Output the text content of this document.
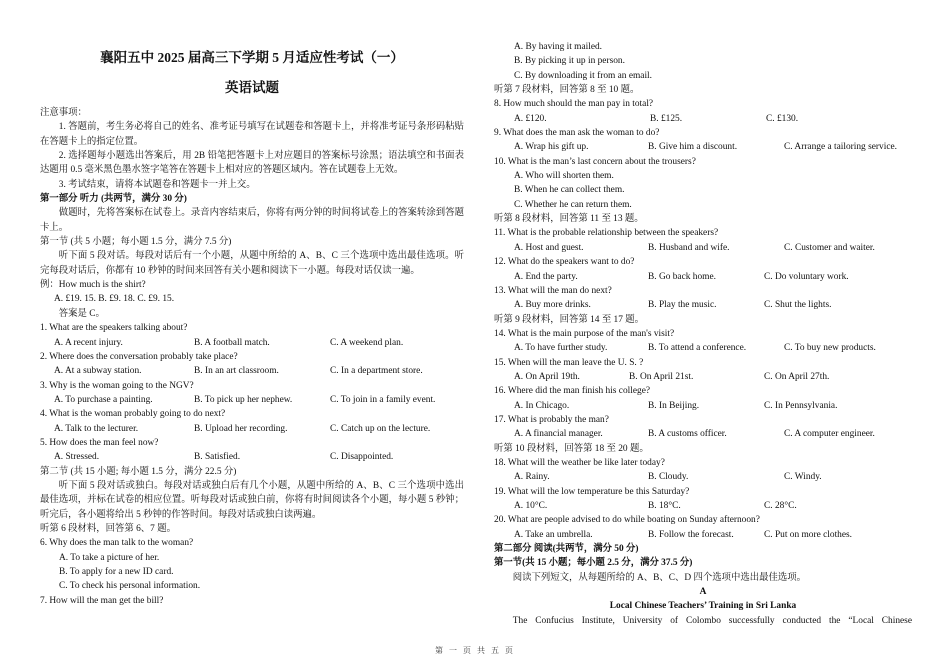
襄阳五中 2025 届高三下学期 5 月适应性考试（一）
英语试题
注意事项：
1. 答题前，考生务必将自己的姓名、准考证号填写在试题卷和答题卡上，并将准考证号条形码粘贴在答题卡上的指定位置。
2. 选择题每小题选出答案后，用 2B 铅笔把答题卡上对应题目的答案标号涂黑；语法填空和书面表达题用 0.5 毫米黑色墨水签字笔答在答题卡上相对应的答题区域内。答在试题卷上无效。
3. 考试结束，请将本试题卷和答题卡一并上交。
第一部分 听力 (共两节，满分 30 分)
做题时，先将答案标在试卷上。录音内容结束后，你将有两分钟的时间将试卷上的答案转涂到答题卡上。
第一节 (共 5 小题；每小题 1.5 分，满分 7.5 分)
听下面 5 段对话。每段对话后有一个小题，从题中所给的 A、B、C 三个选项中选出最佳选项。听完每段对话后，你都有 10 秒钟的时间来回答有关小题和阅读下一小题。每段对话仅读一遍。
例：How much is the shirt?
A. £19. 15. B. £9. 18. C. £9. 15.
答案是 C。
1. What are the speakers talking about?
A. A recent injury.	B. A football match.	C. A weekend plan.
2. Where does the conversation probably take place?
A. At a subway station.	B. In an art classroom.	C. In a department store.
3. Why is the woman going to the NGV?
A. To purchase a painting.	B. To pick up her nephew.	C. To join in a family event.
4. What is the woman probably going to do next?
A. Talk to the lecturer.	B. Upload her recording.	C. Catch up on the lecture.
5. How does the man feel now?
A. Stressed.	B. Satisfied.	C. Disappointed.
第二节 (共 15 小题; 每小题 1.5 分，满分 22.5 分)
听下面 5 段对话或独白。每段对话或独白后有几个小题，从题中所给的 A、B、C 三个选项中选出最佳选项，并标在试卷的相应位置。听每段对话或独白前，你将有时间阅读各个小题，每小题 5 秒钟；听完后，各小题将给出 5 秒钟的作答时间。每段对话或独白读两遍。
听第 6 段材料，回答第 6、7 题。
6. Why does the man talk to the woman?
A. To take a picture of her.
B. To apply for a new ID card.
C. To check his personal information.
7. How will the man get the bill?
A. By having it mailed.
B. By picking it up in person.
C. By downloading it from an email.
听第 7 段材料，回答第 8 至 10 题。
8. How much should the man pay in total?
A. £120.	B. £125.	C. £130.
9. What does the man ask the woman to do?
A. Wrap his gift up.	B. Give him a discount.	C. Arrange a tailoring service.
10. What is the man’s last concern about the trousers?
A. Who will shorten them.
B. When he can collect them.
C. Whether he can return them.
听第 8 段材料，回答第 11 至 13 题。
11. What is the probable relationship between the speakers?
A. Host and guest.	B. Husband and wife.	C. Customer and waiter.
12. What do the speakers want to do?
A. End the party.	B. Go back home.	C. Do voluntary work.
13. What will the man do next?
A. Buy more drinks.	B. Play the music.	C. Shut the lights.
听第 9 段材料，回答第 14 至 17 题。
14. What is the main purpose of the man's visit?
A. To have further study.	B. To attend a conference.	C. To buy new products.
15. When will the man leave the U. S. ?
A. On April 19th.	B. On April 21st.	C. On April 27th.
16. Where did the man finish his college?
A. In Chicago.	B. In Beijing.	C. In Pennsylvania.
17. What is probably the man?
A. A financial manager.	B. A customs officer.	C. A computer engineer.
听第 10 段材料，回答第 18 至 20 题。
18. What will the weather be like later today?
A. Rainy.	B. Cloudy.	C. Windy.
19. What will the low temperature be this Saturday?
A. 10°C.	B. 18°C.	C. 28°C.
20. What are people advised to do while boating on Sunday afternoon?
A. Take an umbrella.	B. Follow the forecast.	C. Put on more clothes.
第二部分 阅读(共两节，满分 50 分)
第一节(共 15 小题；每小题 2.5 分，满分 37.5 分)
阅读下列短文，从每题所给的 A、B、C、D 四个选项中选出最佳选项。
A
Local Chinese Teachers’ Training in Sri Lanka
The Confucius Institute, University of Colombo successfully conducted the “Local Chinese
第 一 页 共 五 页
